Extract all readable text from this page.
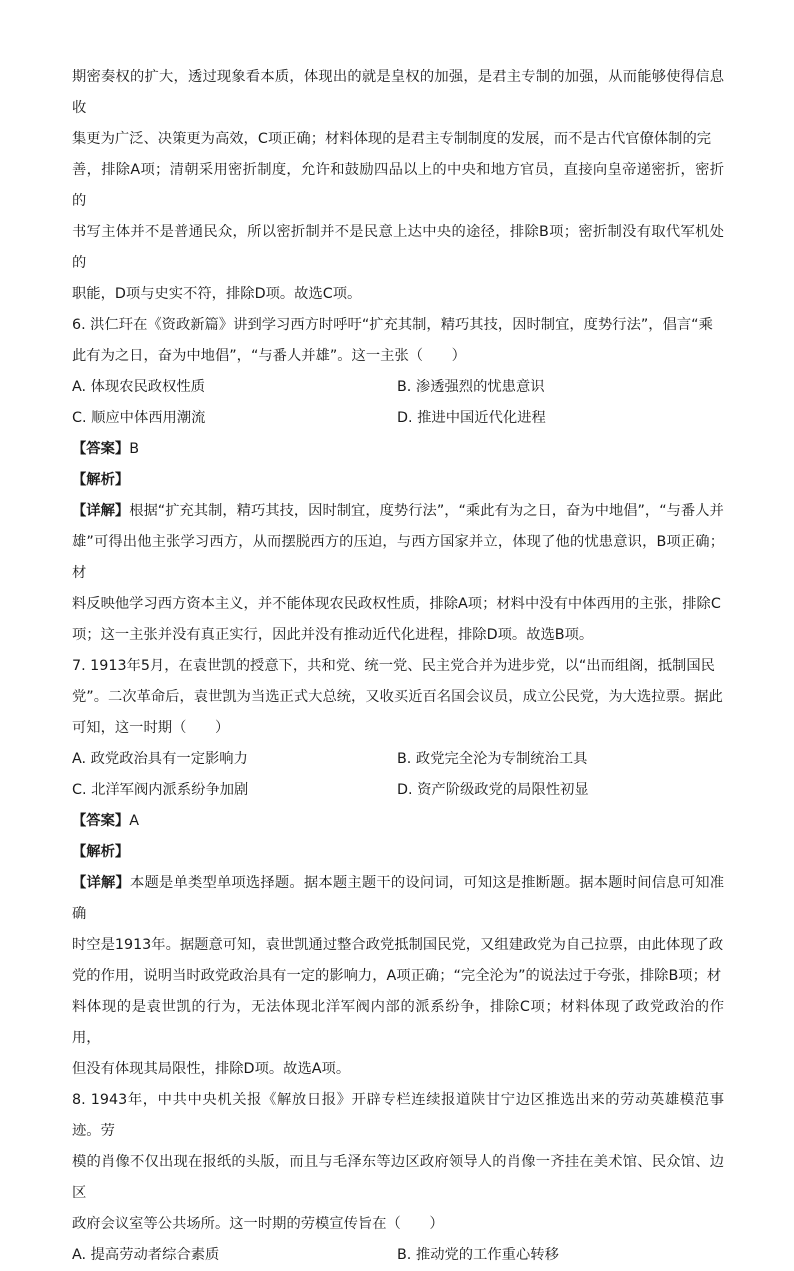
期密奏权的扩大，透过现象看本质，体现出的就是皇权的加强，是君主专制的加强，从而能够使得信息收

集更为广泛、决策更为高效，C项正确；材料体现的是君主专制制度的发展，而不是古代官僚体制的完

善，排除A项；清朝采用密折制度，允许和鼓励四品以上的中央和地方官员，直接向皇帝递密折，密折的

书写主体并不是普通民众，所以密折制并不是民意上达中央的途径，排除B项；密折制没有取代军机处的

职能，D项与史实不符，排除D项。故选C项。

6. 洪仁玕在《资政新篇》讲到学习西方时呼吁“扩充其制，精巧其技，因时制宜，度势行法”，倡言“乘

此有为之日，奋为中地倡”，“与番人并雄”。这一主张（　　）

A. 体现农民政权性质	B. 渗透强烈的忧患意识
C. 顺应中体西用潮流	D. 推进中国近代化进程

【答案】B

【解析】

【详解】根据“扩充其制，精巧其技，因时制宜，度势行法”，“乘此有为之日，奋为中地倡”，“与番人并

雄”可得出他主张学习西方，从而摆脱西方的压迫，与西方国家并立，体现了他的忧患意识，B项正确；材

料反映他学习西方资本主义，并不能体现农民政权性质，排除A项；材料中没有中体西用的主张，排除C

项；这一主张并没有真正实行，因此并没有推动近代化进程，排除D项。故选B项。

7. 1913年5月，在袁世凯的授意下，共和党、统一党、民主党合并为进步党，以“出而组阁，抵制国民

党”。二次革命后，袁世凯为当选正式大总统，又收买近百名国会议员，成立公民党，为大选拉票。据此

可知，这一时期（　　）

A. 政党政治具有一定影响力	B. 政党完全沦为专制统治工具
C. 北洋军阀内派系纷争加剧	D. 资产阶级政党的局限性初显

【答案】A

【解析】

【详解】本题是单类型单项选择题。据本题主题干的设问词，可知这是推断题。据本题时间信息可知准确

时空是1913年。据题意可知，袁世凯通过整合政党抵制国民党，又组建政党为自己拉票，由此体现了政

党的作用，说明当时政党政治具有一定的影响力，A项正确；“完全沦为”的说法过于夸张，排除B项；材

料体现的是袁世凯的行为，无法体现北洋军阀内部的派系纷争，排除C项；材料体现了政党政治的作用，

但没有体现其局限性，排除D项。故选A项。

8. 1943年，中共中央机关报《解放日报》开辟专栏连续报道陕甘宁边区推选出来的劳动英雄模范事迹。劳

模的肖像不仅出现在报纸的头版，而且与毛泽东等边区政府领导人的肖像一齐挂在美术馆、民众馆、边区

政府会议室等公共场所。这一时期的劳模宣传旨在（　　）

A. 提高劳动者综合素质	B. 推动党的工作重心转移
